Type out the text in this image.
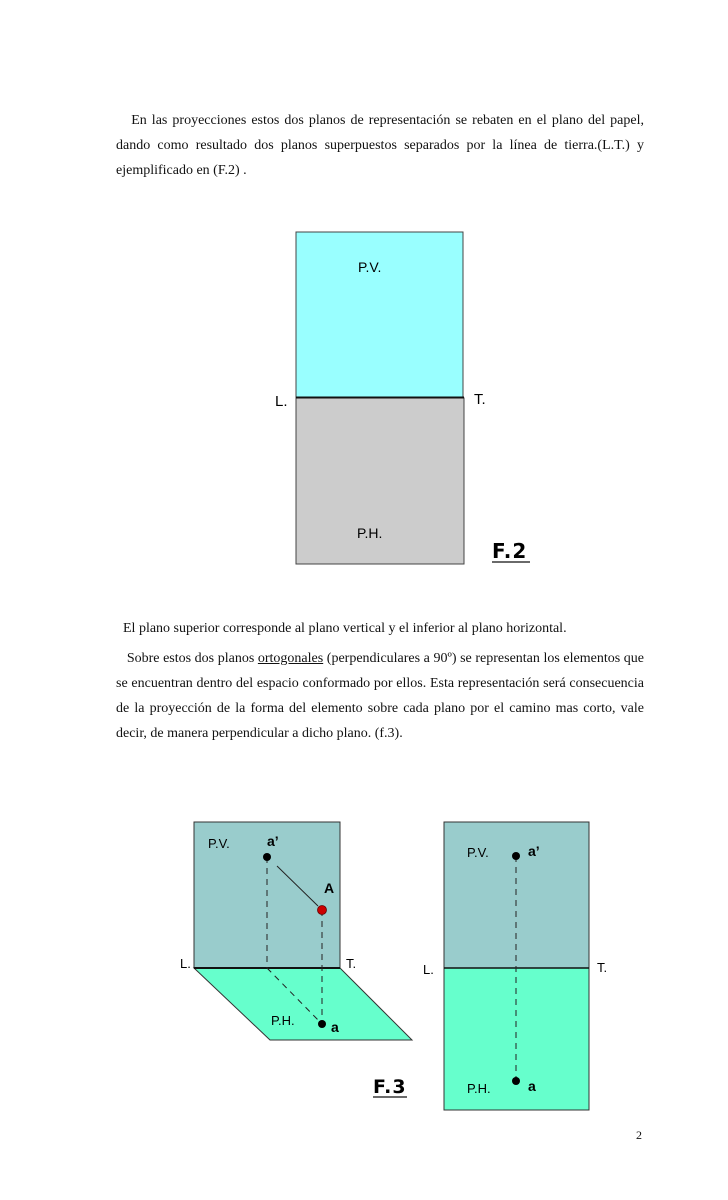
En las proyecciones estos dos planos de representación se rebaten en el plano del papel, dando como resultado dos planos superpuestos separados por la línea de tierra.(L.T.) y ejemplificado en (F.2) .

El plano superior corresponde al plano vertical y el inferior al plano horizontal.

Sobre estos dos planos ortogonales (perpendiculares a 90º) se representan los elementos que se encuentran dentro del espacio conformado por ellos. Esta representación será consecuencia de la proyección de la forma del elemento sobre cada plano por el camino mas corto, vale decir, de manera perpendicular a dicho plano. (f.3).

P.V.
P.H.
L.	T.
F.2
P.V.
P.H.
L.	T.
a’
A
a
P.V.
P.H.
L.	T.
a’
a
F.3
2
